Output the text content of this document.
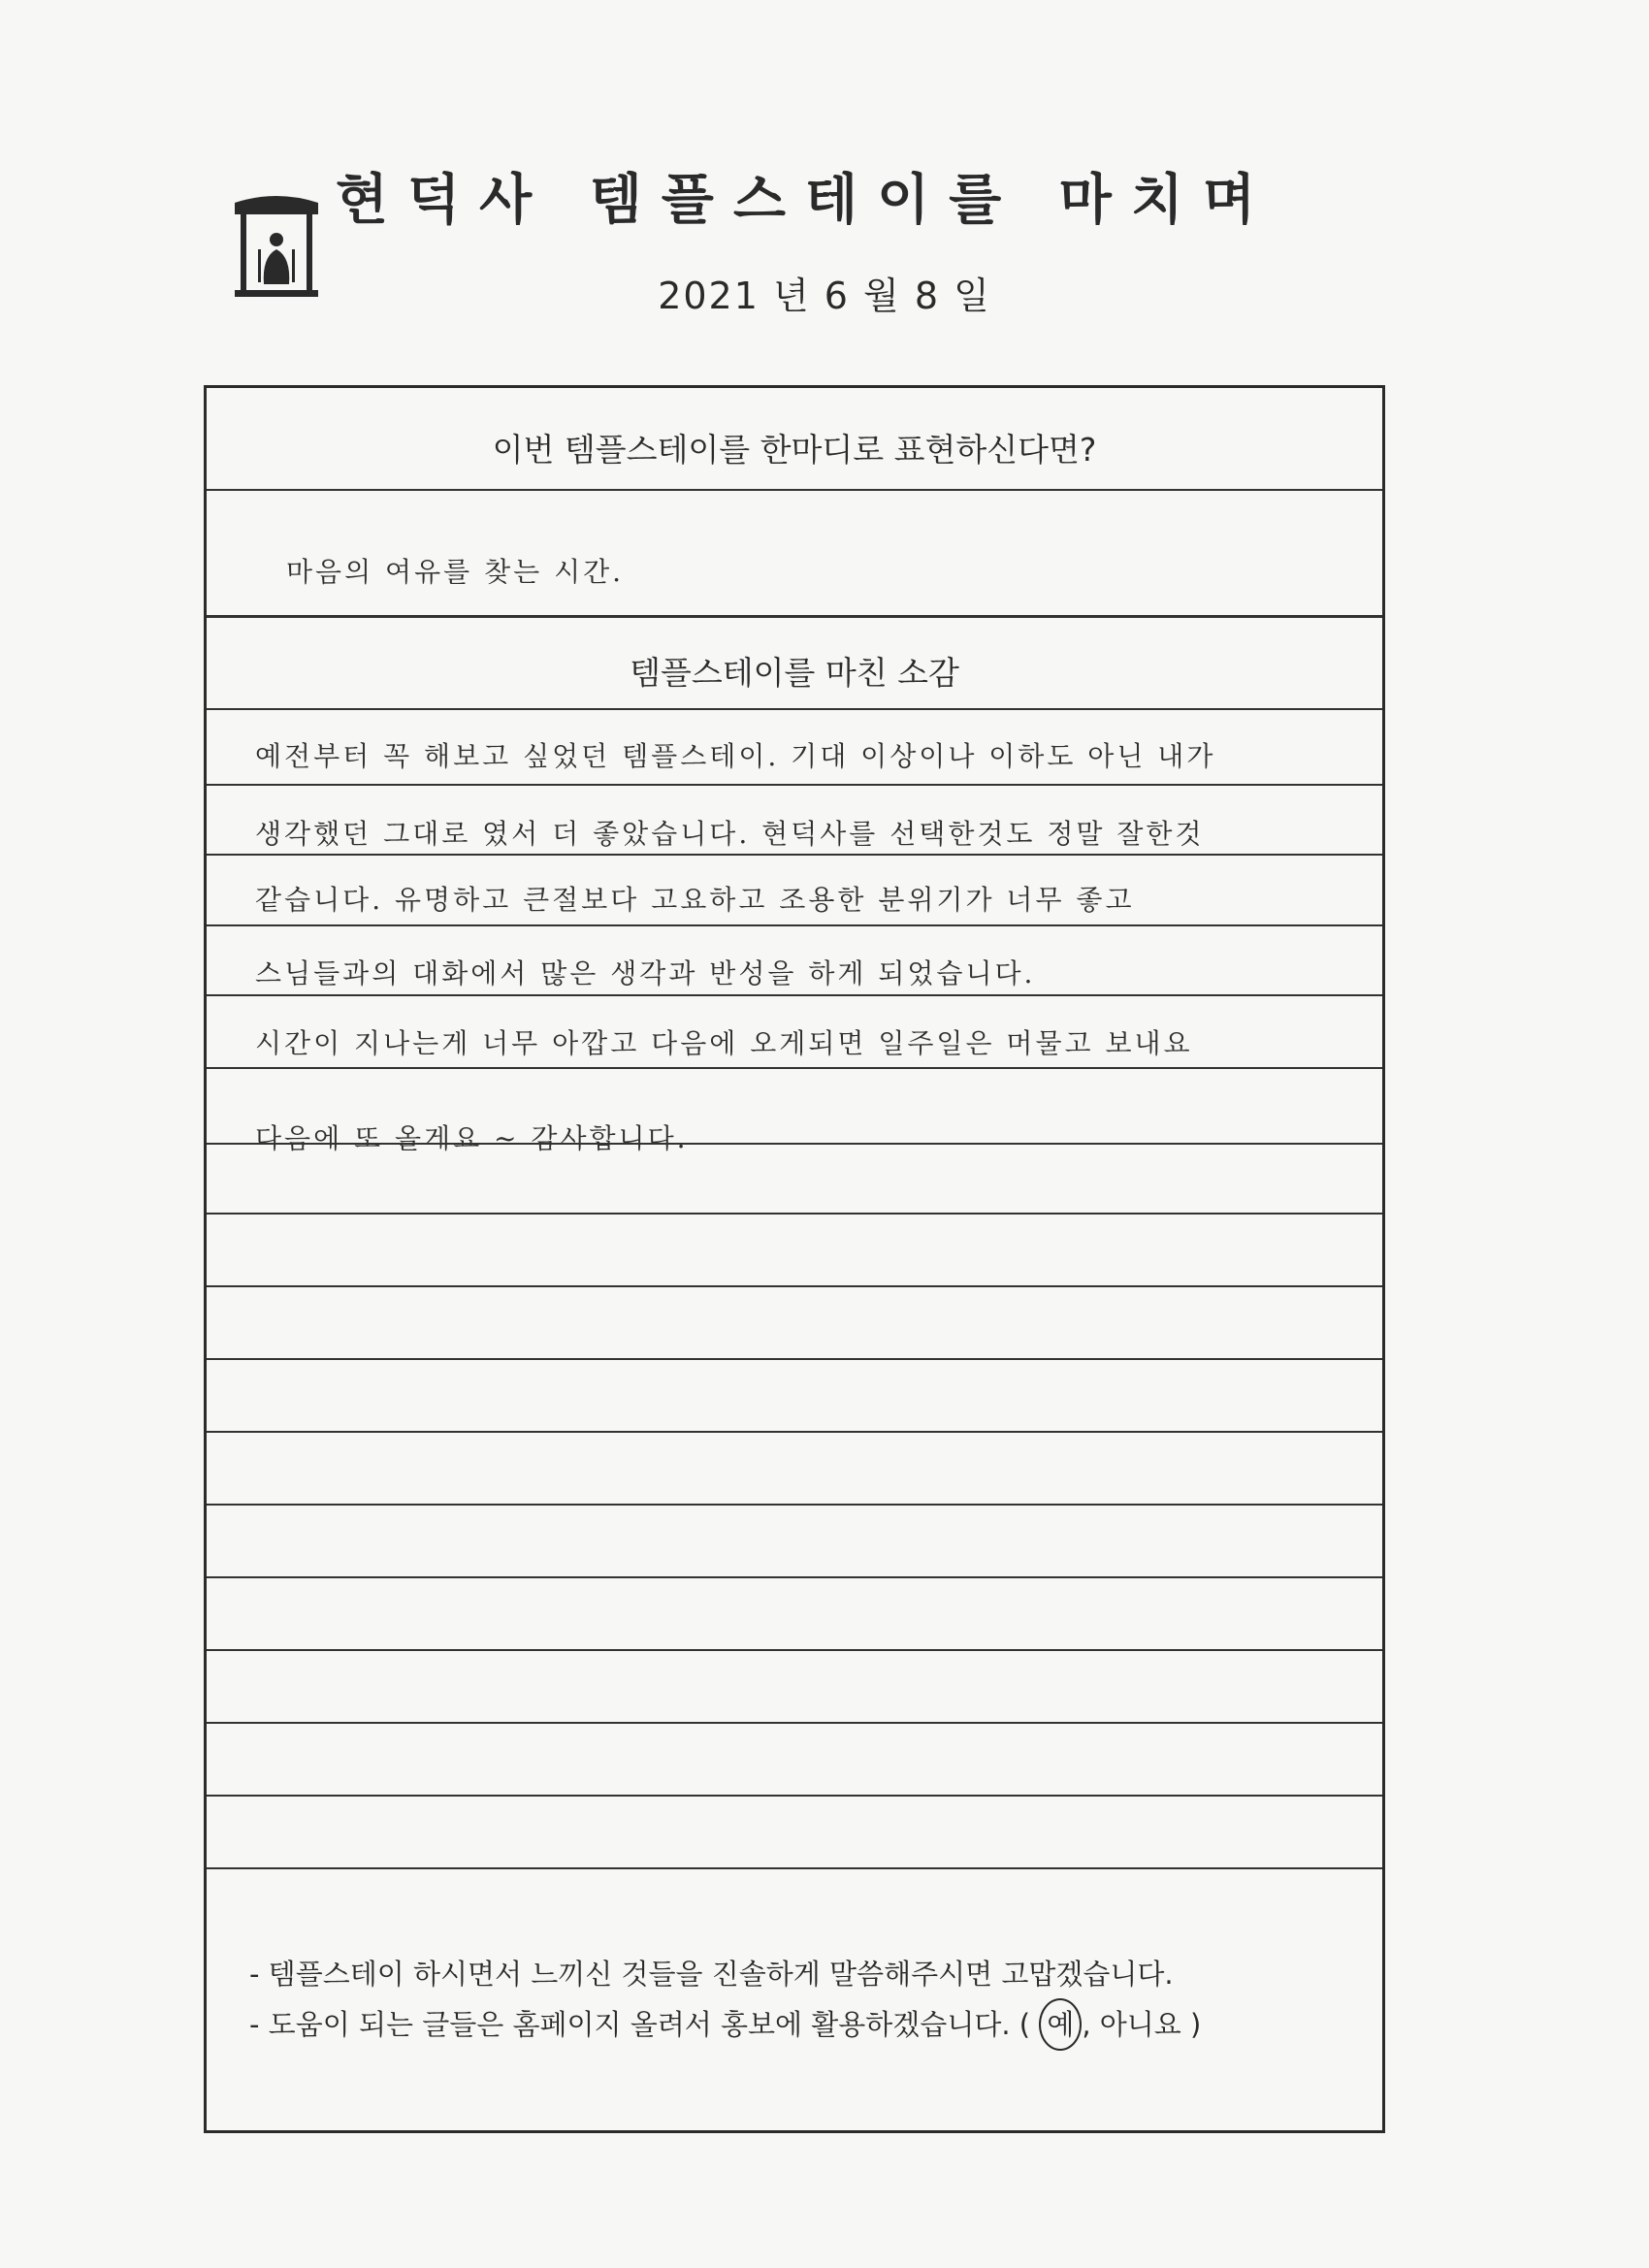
현덕사 템플스테이를 마치며
2021 년 6 월 8 일
이번 템플스테이를 한마디로 표현하신다면?
마음의 여유를 찾는 시간.
템플스테이를 마친 소감
예전부터 꼭 해보고 싶었던 템플스테이. 기대 이상이나 이하도 아닌 내가
생각했던 그대로 였서 더 좋았습니다. 현덕사를 선택한것도 정말 잘한것
같습니다. 유명하고 큰절보다 고요하고 조용한 분위기가 너무 좋고
스님들과의 대화에서 많은 생각과 반성을 하게 되었습니다.
시간이 지나는게 너무 아깝고 다음에 오게되면 일주일은 머물고 보내요
다음에 또 올게요 ~ 감사합니다.
- 템플스테이 하시면서 느끼신 것들을 진솔하게 말씀해주시면 고맙겠습니다.
- 도움이 되는 글들은 홈페이지 올려서 홍보에 활용하겠습니다. ( 예 , 아니요 )
